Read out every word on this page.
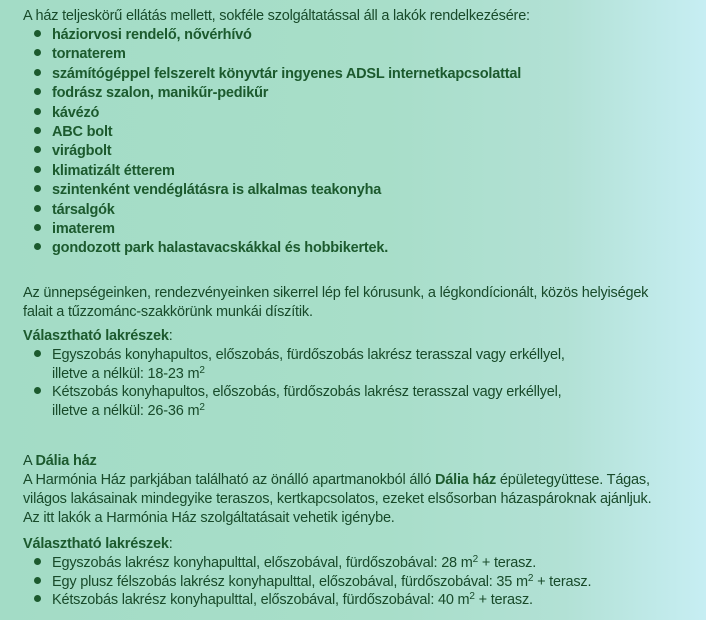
A ház teljeskörű ellátás mellett, sokféle szolgáltatással áll a lakók rendelkezésére:

háziorvosi rendelő, nővérhívó
tornaterem
számítógéppel felszerelt könyvtár ingyenes ADSL internetkapcsolattal
fodrász szalon, manikűr-pedikűr
kávézó
ABC bolt
virágbolt
klimatizált étterem
szintenként vendéglátásra is alkalmas teakonyha
társalgók
imaterem
gondozott park halastavacskákkal és hobbikertek.

Az ünnepségeinken, rendezvényeinken sikerrel lép fel kórusunk, a légkondícionált, közös helyiségek

falait a tűzzománc-szakkörünk munkái díszítik.

Választható lakrészek:

Egyszobás konyhapultos, előszobás, fürdőszobás lakrész terasszal vagy erkéllyel,
illetve a nélkül: 18-23 $m^2$
Kétszobás konyhapultos, előszobás, fürdőszobás lakrész terasszal vagy erkéllyel,
illetve a nélkül: 26-36 $m^2$

A Dália ház

A Harmónia Ház parkjában található az önálló apartmanokból álló Dália ház épületegyüttese. Tágas,

világos lakásainak mindegyike teraszos, kertkapcsolatos, ezeket elsősorban házaspároknak ajánljuk.

Az itt lakók a Harmónia Ház szolgáltatásait vehetik igénybe.

Választható lakrészek:

Egyszobás lakrész konyhapulttal, előszobával, fürdőszobával: 28 $m^2$ + terasz.
Egy plusz félszobás lakrész konyhapulttal, előszobával, fürdőszobával: 35 $m^2$ + terasz.
Kétszobás lakrész konyhapulttal, előszobával, fürdőszobával: 40 $m^2$ + terasz.
